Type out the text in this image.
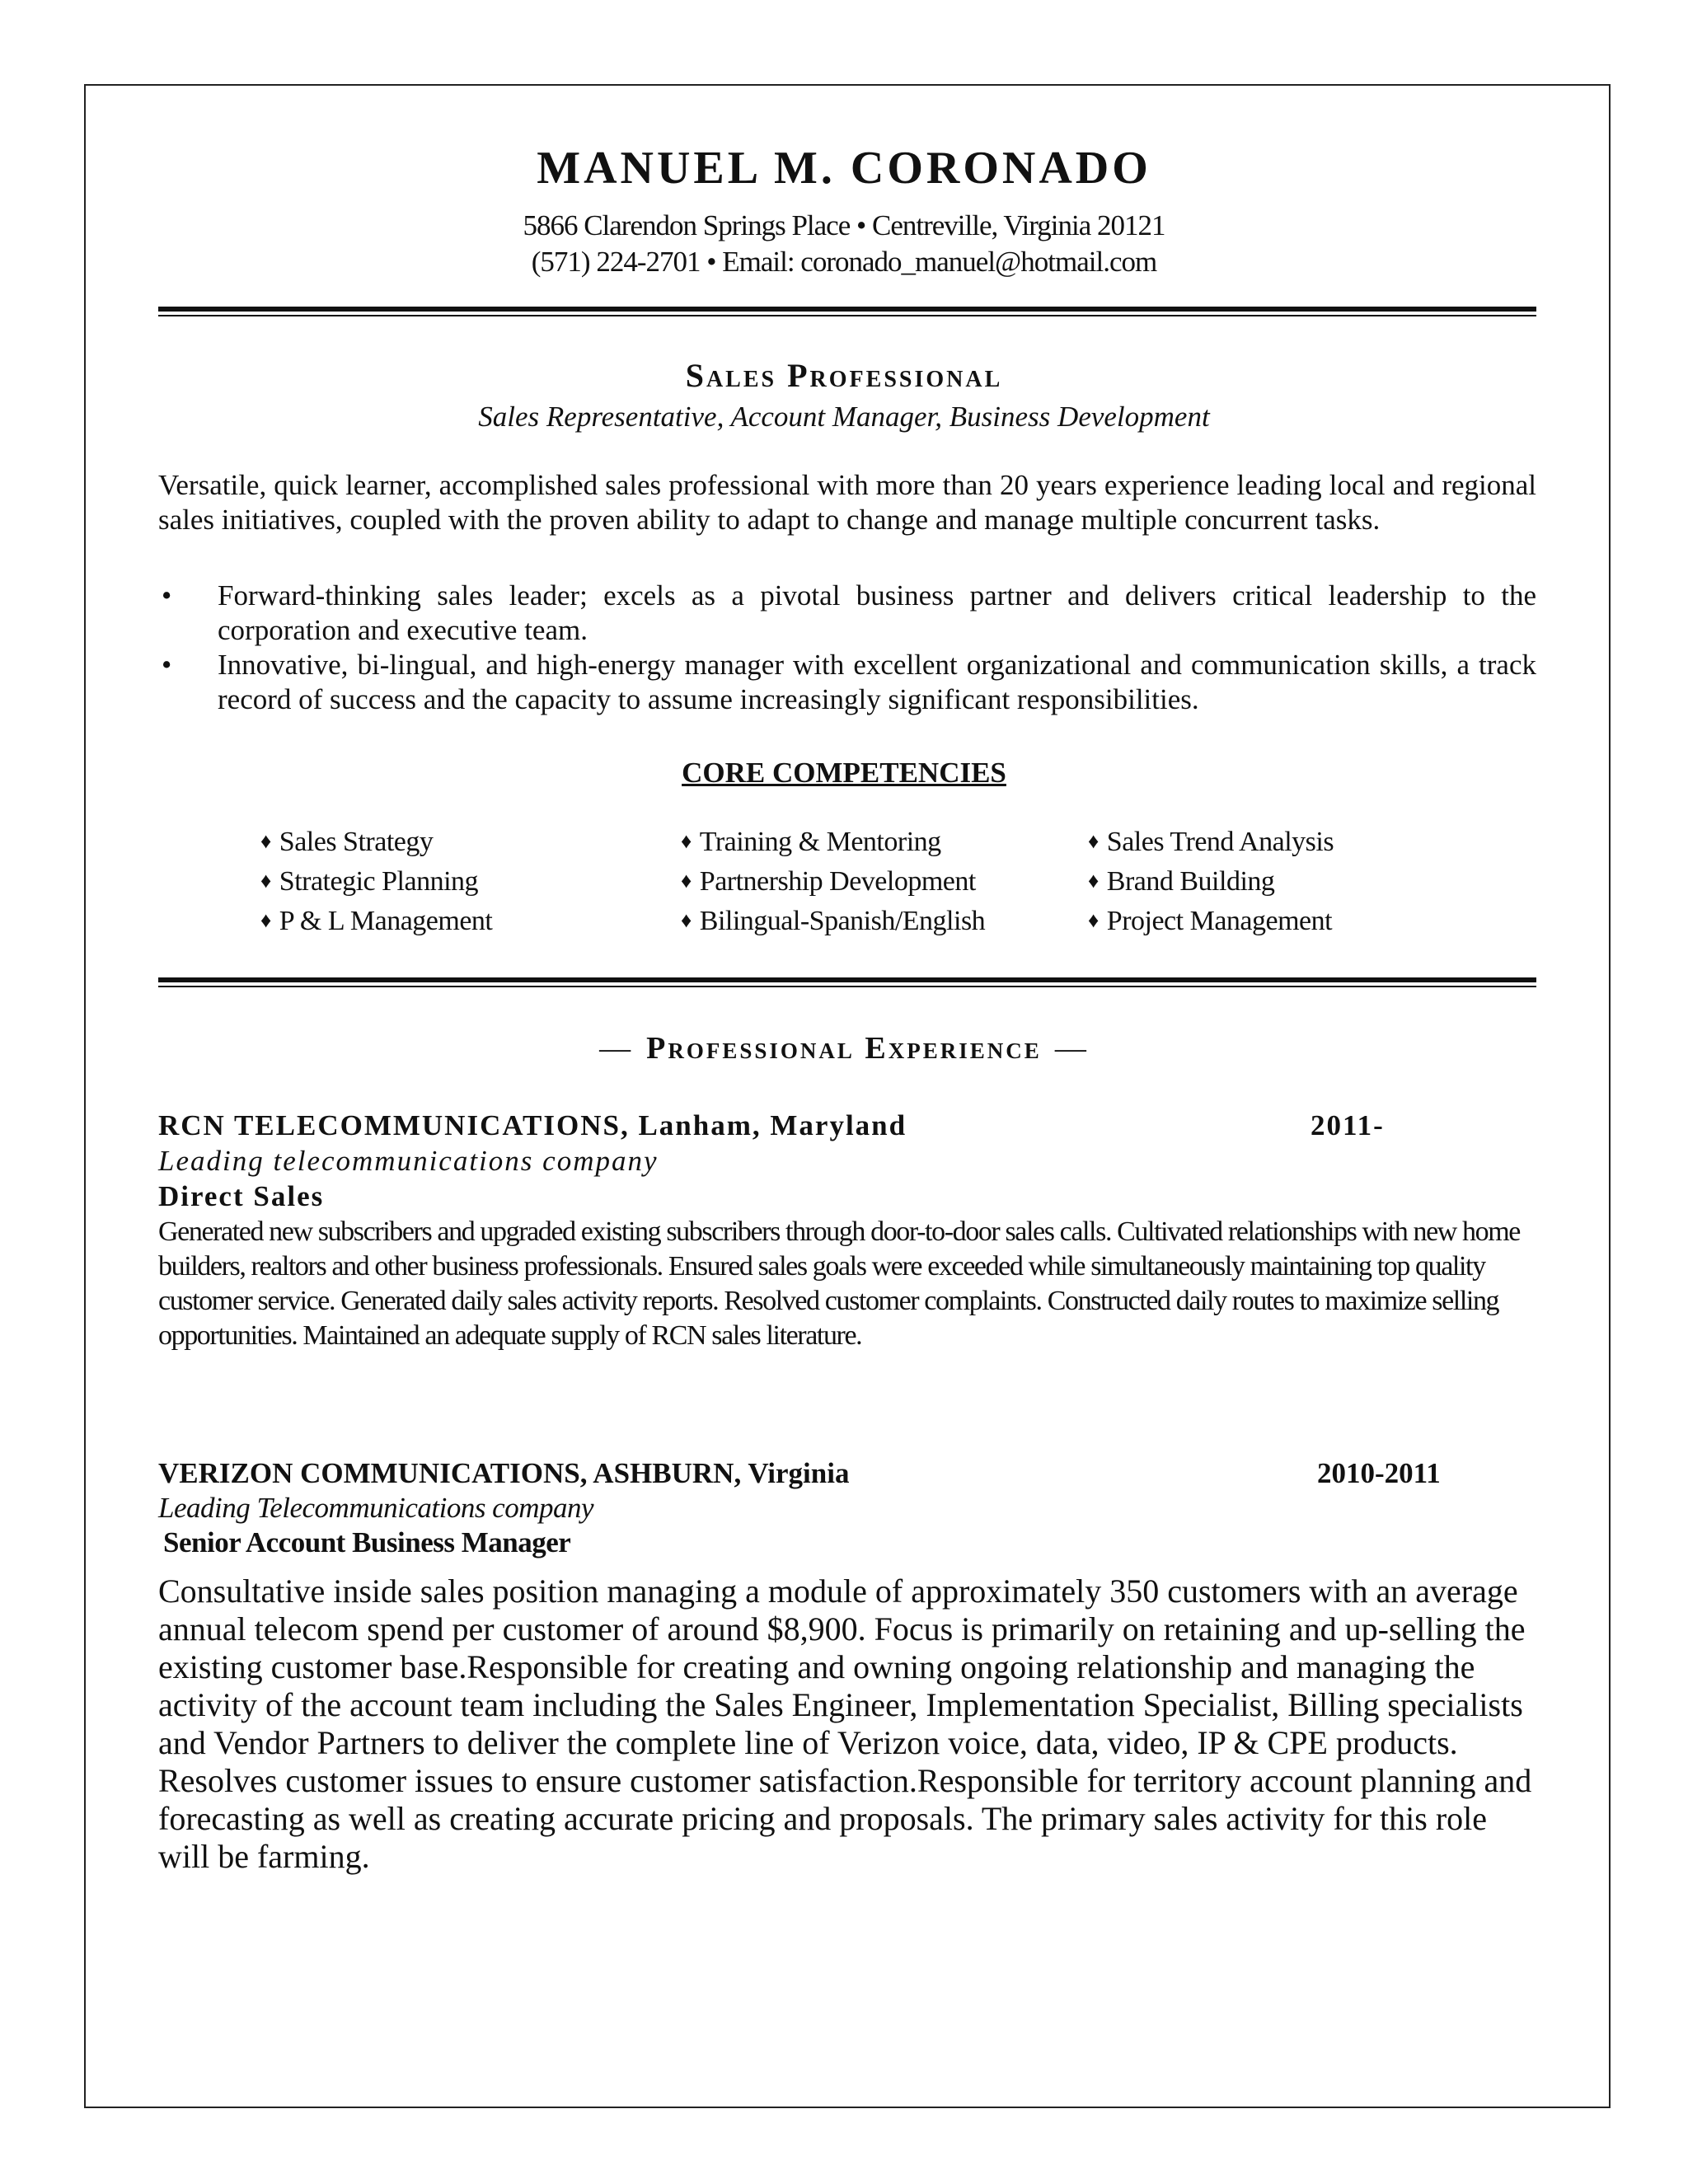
MANUEL M. CORONADO
5866 Clarendon Springs Place • Centreville, Virginia 20121
(571) 224-2701 • Email: coronado_manuel@hotmail.com
Sales Professional
Sales Representative, Account Manager, Business Development
Versatile, quick learner, accomplished sales professional with more than 20 years experience leading local and regional sales initiatives, coupled with the proven ability to adapt to change and manage multiple concurrent tasks.
• Forward-thinking sales leader; excels as a pivotal business partner and delivers critical leadership to the corporation and executive team.
• Innovative, bi-lingual, and high-energy manager with excellent organizational and communication skills, a track record of success and the capacity to assume increasingly significant responsibilities.
CORE COMPETENCIES
♦ Sales Strategy	♦ Training & Mentoring	♦ Sales Trend Analysis
♦ Strategic Planning	♦ Partnership Development	♦ Brand Building
♦ P & L Management	♦ Bilingual-Spanish/English	♦ Project Management
— Professional Experience —
RCN TELECOMMUNICATIONS, Lanham, Maryland	2011-
Leading telecommunications company
Direct Sales
Generated new subscribers and upgraded existing subscribers through door-to-door sales calls. Cultivated relationships with new home builders, realtors and other business professionals. Ensured sales goals were exceeded while simultaneously maintaining top quality customer service. Generated daily sales activity reports. Resolved customer complaints. Constructed daily routes to maximize selling opportunities. Maintained an adequate supply of RCN sales literature.
VERIZON COMMUNICATIONS, ASHBURN, Virginia	2010-2011
Leading Telecommunications company
Senior Account Business Manager
Consultative inside sales position managing a module of approximately 350 customers with an average annual telecom spend per customer of around $8,900. Focus is primarily on retaining and up-selling the existing customer base.Responsible for creating and owning ongoing relationship and managing the activity of the account team including the Sales Engineer, Implementation Specialist, Billing specialists and Vendor Partners to deliver the complete line of Verizon voice, data, video, IP & CPE products. Resolves customer issues to ensure customer satisfaction.Responsible for territory account planning and forecasting as well as creating accurate pricing and proposals. The primary sales activity for this role will be farming.
